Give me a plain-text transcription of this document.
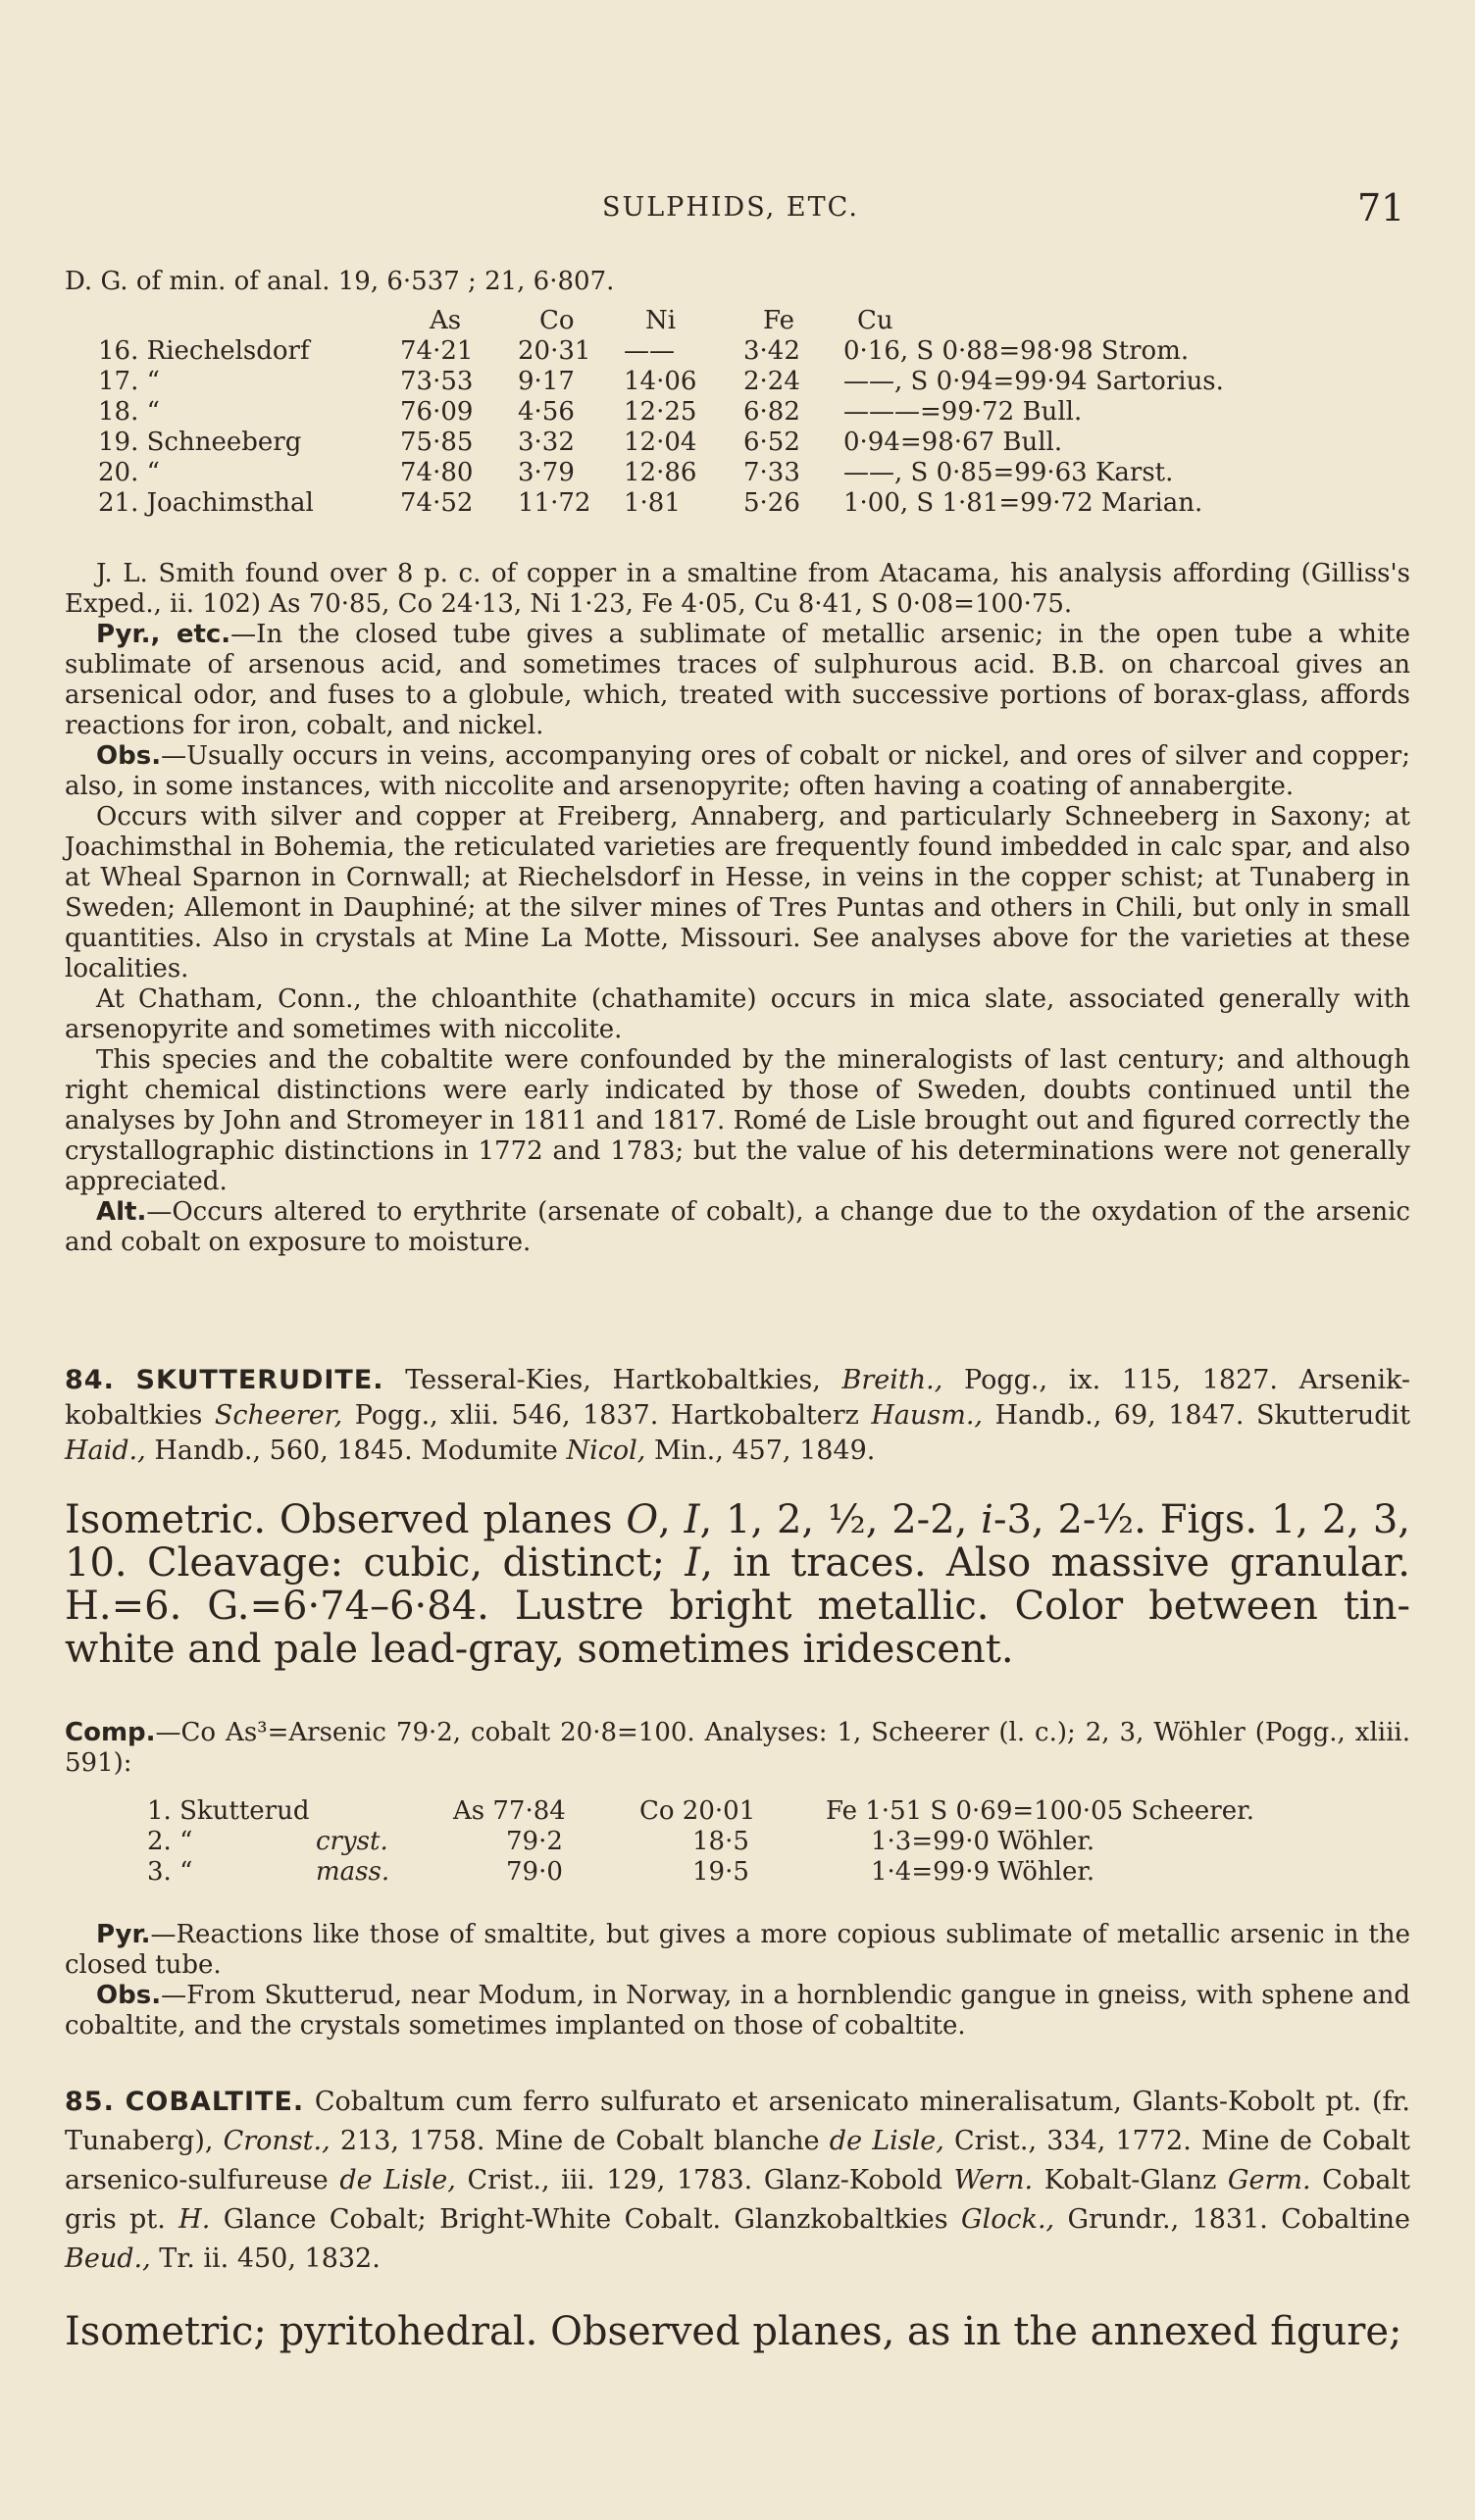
SULPHIDS, ETC.	71
D. G. of min. of anal. 19, 6·537 ; 21, 6·807.
	As	Co	Ni	Fe	Cu
16. Riechelsdorf	74·21	20·31	——	3·42	0·16, S 0·88=98·98 Strom.
17. “	73·53	9·17	14·06	2·24	——, S 0·94=99·94 Sartorius.
18. “	76·09	4·56	12·25	6·82	———=99·72 Bull.
19. Schneeberg	75·85	3·32	12·04	6·52	0·94=98·67 Bull.
20. “	74·80	3·79	12·86	7·33	——, S 0·85=99·63 Karst.
21. Joachimsthal	74·52	11·72	1·81	5·26	1·00, S 1·81=99·72 Marian.

J. L. Smith found over 8 p. c. of copper in a smaltine from Atacama, his analysis affording (Gilliss's Exped., ii. 102) As 70·85, Co 24·13, Ni 1·23, Fe 4·05, Cu 8·41, S 0·08=100·75.

Pyr., etc.—In the closed tube gives a sublimate of metallic arsenic; in the open tube a white sublimate of arsenous acid, and sometimes traces of sulphurous acid. B.B. on charcoal gives an arsenical odor, and fuses to a globule, which, treated with successive portions of borax-glass, affords reactions for iron, cobalt, and nickel.

Obs.—Usually occurs in veins, accompanying ores of cobalt or nickel, and ores of silver and copper; also, in some instances, with niccolite and arsenopyrite; often having a coating of annabergite.

Occurs with silver and copper at Freiberg, Annaberg, and particularly Schneeberg in Saxony; at Joachimsthal in Bohemia, the reticulated varieties are frequently found imbedded in calc spar, and also at Wheal Sparnon in Cornwall; at Riechelsdorf in Hesse, in veins in the copper schist; at Tunaberg in Sweden; Allemont in Dauphiné; at the silver mines of Tres Puntas and others in Chili, but only in small quantities. Also in crystals at Mine La Motte, Missouri. See analyses above for the varieties at these localities.

At Chatham, Conn., the chloanthite (chathamite) occurs in mica slate, associated generally with arsenopyrite and sometimes with niccolite.

This species and the cobaltite were confounded by the mineralogists of last century; and although right chemical distinctions were early indicated by those of Sweden, doubts continued until the analyses by John and Stromeyer in 1811 and 1817. Romé de Lisle brought out and figured correctly the crystallographic distinctions in 1772 and 1783; but the value of his determinations were not generally appreciated.

Alt.—Occurs altered to erythrite (arsenate of cobalt), a change due to the oxydation of the arsenic and cobalt on exposure to moisture.

84. SKUTTERUDITE. Tesseral-Kies, Hartkobaltkies, Breith., Pogg., ix. 115, 1827. Arsenik-kobaltkies Scheerer, Pogg., xlii. 546, 1837. Hartkobalterz Hausm., Handb., 69, 1847. Skutterudit Haid., Handb., 560, 1845. Modumite Nicol, Min., 457, 1849.
Isometric. Observed planes O, I, 1, 2, ½, 2-2, i-3, 2-½. Figs. 1, 2, 3, 10. Cleavage: cubic, distinct; I, in traces. Also massive granular. H.=6. G.=6·74–6·84. Lustre bright metallic. Color between tin-white and pale lead-gray, sometimes iridescent.
Comp.—Co As³=Arsenic 79·2, cobalt 20·8=100. Analyses: 1, Scheerer (l. c.); 2, 3, Wöhler (Pogg., xliii. 591):
1. Skutterud		As 77·84	Co 20·01	Fe 1·51 S 0·69=100·05 Scheerer.
2. “	cryst.	79·2	18·5	1·3=99·0 Wöhler.
3. “	mass.	79·0	19·5	1·4=99·9 Wöhler.

Pyr.—Reactions like those of smaltite, but gives a more copious sublimate of metallic arsenic in the closed tube.

Obs.—From Skutterud, near Modum, in Norway, in a hornblendic gangue in gneiss, with sphene and cobaltite, and the crystals sometimes implanted on those of cobaltite.

85. COBALTITE. Cobaltum cum ferro sulfurato et arsenicato mineralisatum, Glants-Kobolt pt. (fr. Tunaberg), Cronst., 213, 1758. Mine de Cobalt blanche de Lisle, Crist., 334, 1772. Mine de Cobalt arsenico-sulfureuse de Lisle, Crist., iii. 129, 1783. Glanz-Kobold Wern. Kobalt-Glanz Germ. Cobalt gris pt. H. Glance Cobalt; Bright-White Cobalt. Glanzkobaltkies Glock., Grundr., 1831. Cobaltine Beud., Tr. ii. 450, 1832.
Isometric; pyritohedral. Observed planes, as in the annexed figure;
